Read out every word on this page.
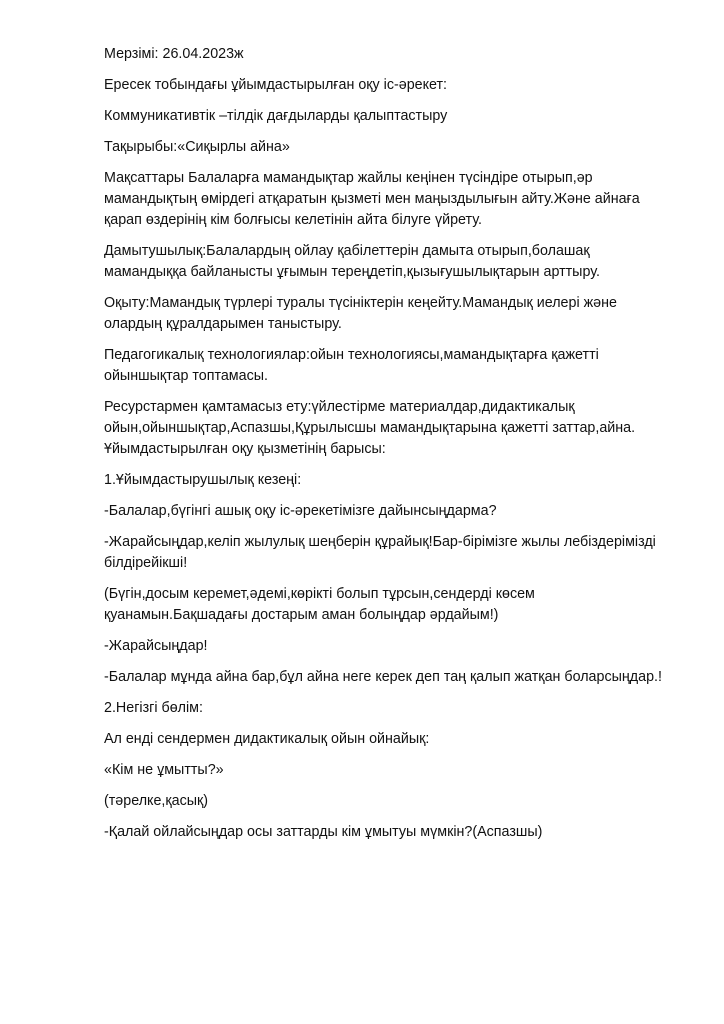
Мерзімі: 26.04.2023ж

Ересек тобындағы ұйымдастырылған оқу іс-әрекет:

Коммуникативтік –тілдік дағдыларды қалыптастыру

Тақырыбы:«Сиқырлы айна»

Мақсаттары Балаларға мамандықтар жайлы кеңінен түсіндіре отырып,әр мамандықтың өмірдегі атқаратын қызметі мен маңыздылығын айту.Және айнаға қарап өздерінің кім болғысы келетінін айта білуге үйрету.

Дамытушылық:Балалардың ойлау қабілеттерін дамыта отырып,болашақ мамандыққа байланысты ұғымын тереңдетіп,қызығушылықтарын арттыру.

Оқыту:Мамандық түрлері туралы түсініктерін кеңейту.Мамандық иелері және олардың құралдарымен таныстыру.

Педагогикалық технологиялар:ойын технологиясы,мамандықтарға қажетті ойыншықтар топтамасы.

Ресурстармен қамтамасыз ету:үйлестірме материалдар,дидактикалық ойын,ойыншықтар,Аспазшы,Құрылысшы мамандықтарына қажетті заттар,айна.

Ұйымдастырылған оқу қызметінің барысы:

1.Ұйымдастырушылық кезеңі:

-Балалар,бүгінгі ашық оқу іс-әрекетімізге дайынсыңдарма?

-Жарайсыңдар,келіп жылулық шеңберін құрайық!Бар-бірімізге жылы лебіздерімізді білдірейікші!

(Бүгін,досым керемет,әдемі,көрікті болып тұрсын,сендерді көсем қуанамын.Бақшадағы достарым аман болыңдар әрдайым!)

-Жарайсыңдар!

-Балалар мұнда айна бар,бұл айна неге керек деп таң қалып жатқан боларсыңдар.!

2.Негізгі бөлім:

Ал енді сендермен дидактикалық ойын ойнайық:

«Кім не ұмытты?»

(тәрелке,қасық)

-Қалай ойлайсыңдар осы заттарды кім ұмытуы мүмкін?(Аспазшы)
